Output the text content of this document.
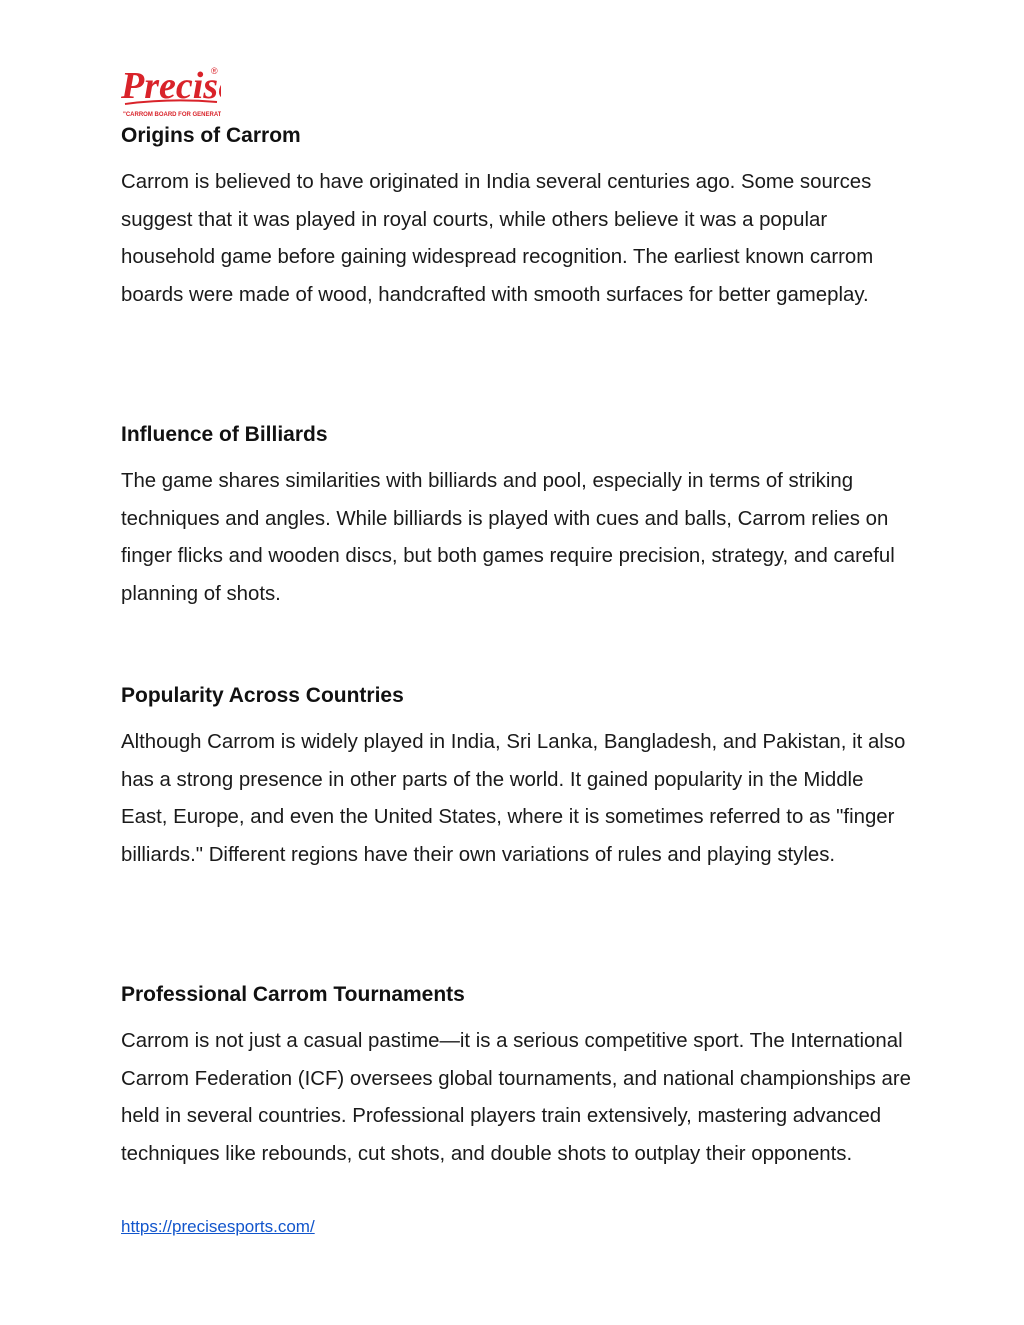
Precis
®
"CARROM BOARD FOR GENERAT
Origins of Carrom

Carrom is believed to have originated in India several centuries ago. Some sources suggest that it was played in royal courts, while others believe it was a popular household game before gaining widespread recognition. The earliest known carrom boards were made of wood, handcrafted with smooth surfaces for better gameplay.

Influence of Billiards

The game shares similarities with billiards and pool, especially in terms of striking techniques and angles. While billiards is played with cues and balls, Carrom relies on finger flicks and wooden discs, but both games require precision, strategy, and careful planning of shots.

Popularity Across Countries

Although Carrom is widely played in India, Sri Lanka, Bangladesh, and Pakistan, it also has a strong presence in other parts of the world. It gained popularity in the Middle East, Europe, and even the United States, where it is sometimes referred to as "finger billiards." Different regions have their own variations of rules and playing styles.

Professional Carrom Tournaments

Carrom is not just a casual pastime—it is a serious competitive sport. The International Carrom Federation (ICF) oversees global tournaments, and national championships are held in several countries. Professional players train extensively, mastering advanced techniques like rebounds, cut shots, and double shots to outplay their opponents.

https://precisesports.com/
